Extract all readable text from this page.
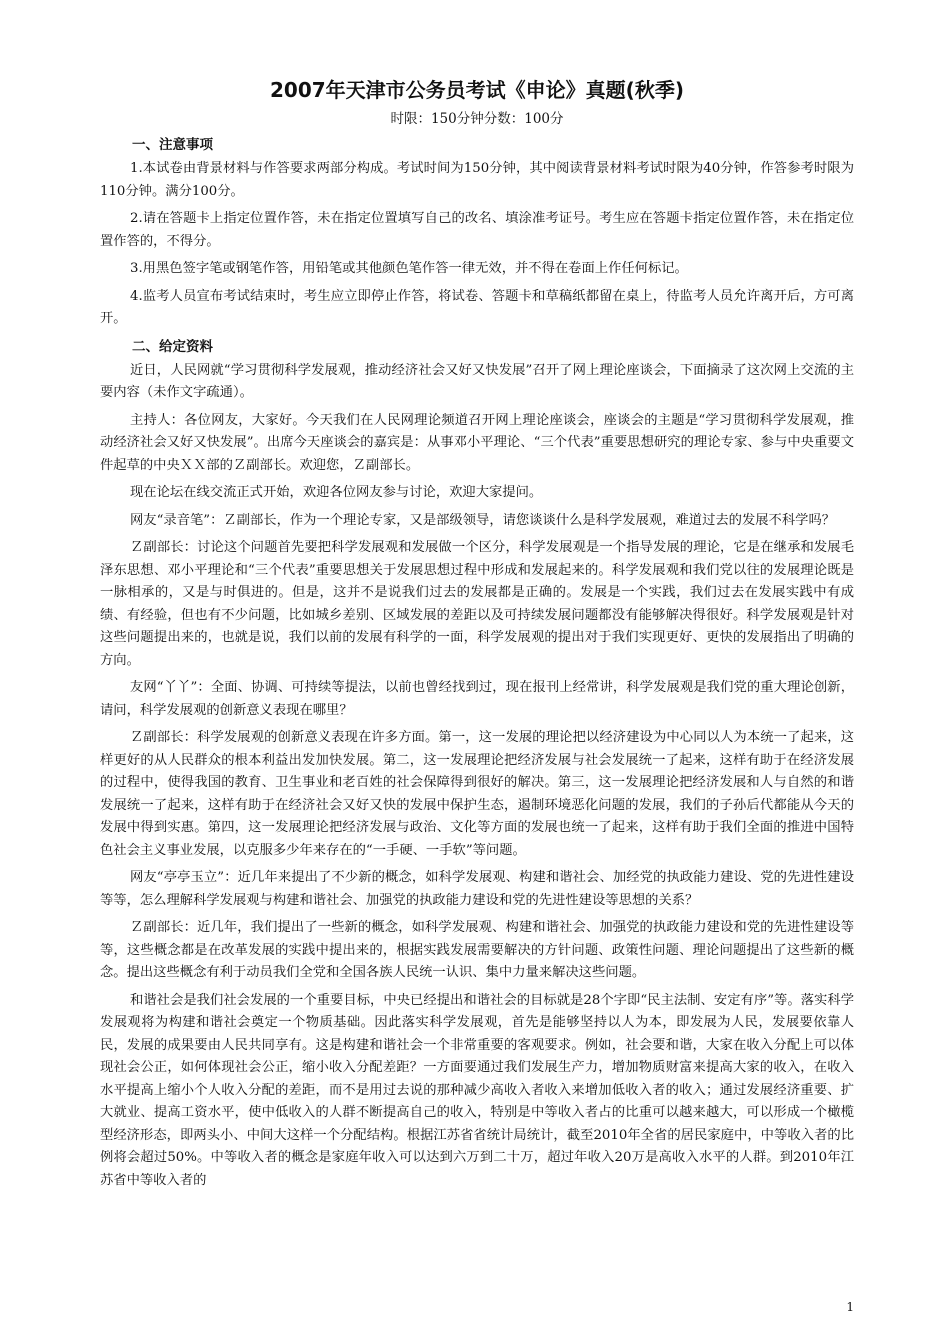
2007年天津市公务员考试《申论》真题(秋季)
时限：150分钟分数：100分
一、注意事项

1.本试卷由背景材料与作答要求两部分构成。考试时间为150分钟，其中阅读背景材料考试时限为40分钟，作答参考时限为110分钟。满分100分。

2.请在答题卡上指定位置作答，未在指定位置填写自己的改名、填涂准考证号。考生应在答题卡指定位置作答，未在指定位置作答的，不得分。

3.用黑色签字笔或钢笔作答，用铅笔或其他颜色笔作答一律无效，并不得在卷面上作任何标记。

4.监考人员宣布考试结束时，考生应立即停止作答，将试卷、答题卡和草稿纸都留在桌上，待监考人员允许离开后，方可离开。

二、给定资料

近日，人民网就“学习贯彻科学发展观，推动经济社会又好又快发展”召开了网上理论座谈会，下面摘录了这次网上交流的主要内容（未作文字疏通）。

主持人：各位网友，大家好。今天我们在人民网理论频道召开网上理论座谈会，座谈会的主题是“学习贯彻科学发展观，推动经济社会又好又快发展”。出席今天座谈会的嘉宾是：从事邓小平理论、“三个代表”重要思想研究的理论专家、参与中央重要文件起草的中央ＸＸ部的Ｚ副部长。欢迎您，Ｚ副部长。

现在论坛在线交流正式开始，欢迎各位网友参与讨论，欢迎大家提问。

网友“录音笔”：Ｚ副部长，作为一个理论专家，又是部级领导，请您谈谈什么是科学发展观，难道过去的发展不科学吗？

Ｚ副部长：讨论这个问题首先要把科学发展观和发展做一个区分，科学发展观是一个指导发展的理论，它是在继承和发展毛泽东思想、邓小平理论和“三个代表”重要思想关于发展思想过程中形成和发展起来的。科学发展观和我们党以往的发展理论既是一脉相承的，又是与时俱进的。但是，这并不是说我们过去的发展都是正确的。发展是一个实践，我们过去在发展实践中有成绩、有经验，但也有不少问题，比如城乡差别、区域发展的差距以及可持续发展问题都没有能够解决得很好。科学发展观是针对这些问题提出来的，也就是说，我们以前的发展有科学的一面，科学发展观的提出对于我们实现更好、更快的发展指出了明确的方向。

友网“丫丫”：全面、协调、可持续等提法，以前也曾经找到过，现在报刊上经常讲，科学发展观是我们党的重大理论创新，请问，科学发展观的创新意义表现在哪里？

Ｚ副部长：科学发展观的创新意义表现在许多方面。第一，这一发展的理论把以经济建设为中心同以人为本统一了起来，这样更好的从人民群众的根本利益出发加快发展。第二，这一发展理论把经济发展与社会发展统一了起来，这样有助于在经济发展的过程中，使得我国的教育、卫生事业和老百姓的社会保障得到很好的解决。第三，这一发展理论把经济发展和人与自然的和谐发展统一了起来，这样有助于在经济社会又好又快的发展中保护生态，遏制环境恶化问题的发展，我们的子孙后代都能从今天的发展中得到实惠。第四，这一发展理论把经济发展与政治、文化等方面的发展也统一了起来，这样有助于我们全面的推进中国特色社会主义事业发展，以克服多少年来存在的“一手硬、一手软”等问题。

网友“亭亭玉立”：近几年来提出了不少新的概念，如科学发展观、构建和谐社会、加经党的执政能力建设、党的先进性建设等等，怎么理解科学发展观与构建和谐社会、加强党的执政能力建设和党的先进性建设等思想的关系？

Ｚ副部长：近几年，我们提出了一些新的概念，如科学发展观、构建和谐社会、加强党的执政能力建设和党的先进性建设等等，这些概念都是在改革发展的实践中提出来的，根据实践发展需要解决的方针问题、政策性问题、理论问题提出了这些新的概念。提出这些概念有利于动员我们全党和全国各族人民统一认识、集中力量来解决这些问题。

和谐社会是我们社会发展的一个重要目标，中央已经提出和谐社会的目标就是28个字即“民主法制、安定有序”等。落实科学发展观将为构建和谐社会奠定一个物质基础。因此落实科学发展观，首先是能够坚持以人为本，即发展为人民，发展要依靠人民，发展的成果要由人民共同享有。这是构建和谐社会一个非常重要的客观要求。例如，社会要和谐，大家在收入分配上可以体现社会公正，如何体现社会公正，缩小收入分配差距？一方面要通过我们发展生产力，增加物质财富来提高大家的收入，在收入水平提高上缩小个人收入分配的差距，而不是用过去说的那种减少高收入者收入来增加低收入者的收入；通过发展经济重要、扩大就业、提高工资水平，使中低收入的人群不断提高自己的收入，特别是中等收入者占的比重可以越来越大，可以形成一个橄榄型经济形态，即两头小、中间大这样一个分配结构。根据江苏省省统计局统计，截至2010年全省的居民家庭中，中等收入者的比例将会超过50%。中等收入者的概念是家庭年收入可以达到六万到二十万，超过年收入20万是高收入水平的人群。到2010年江苏省中等收入者的

1
